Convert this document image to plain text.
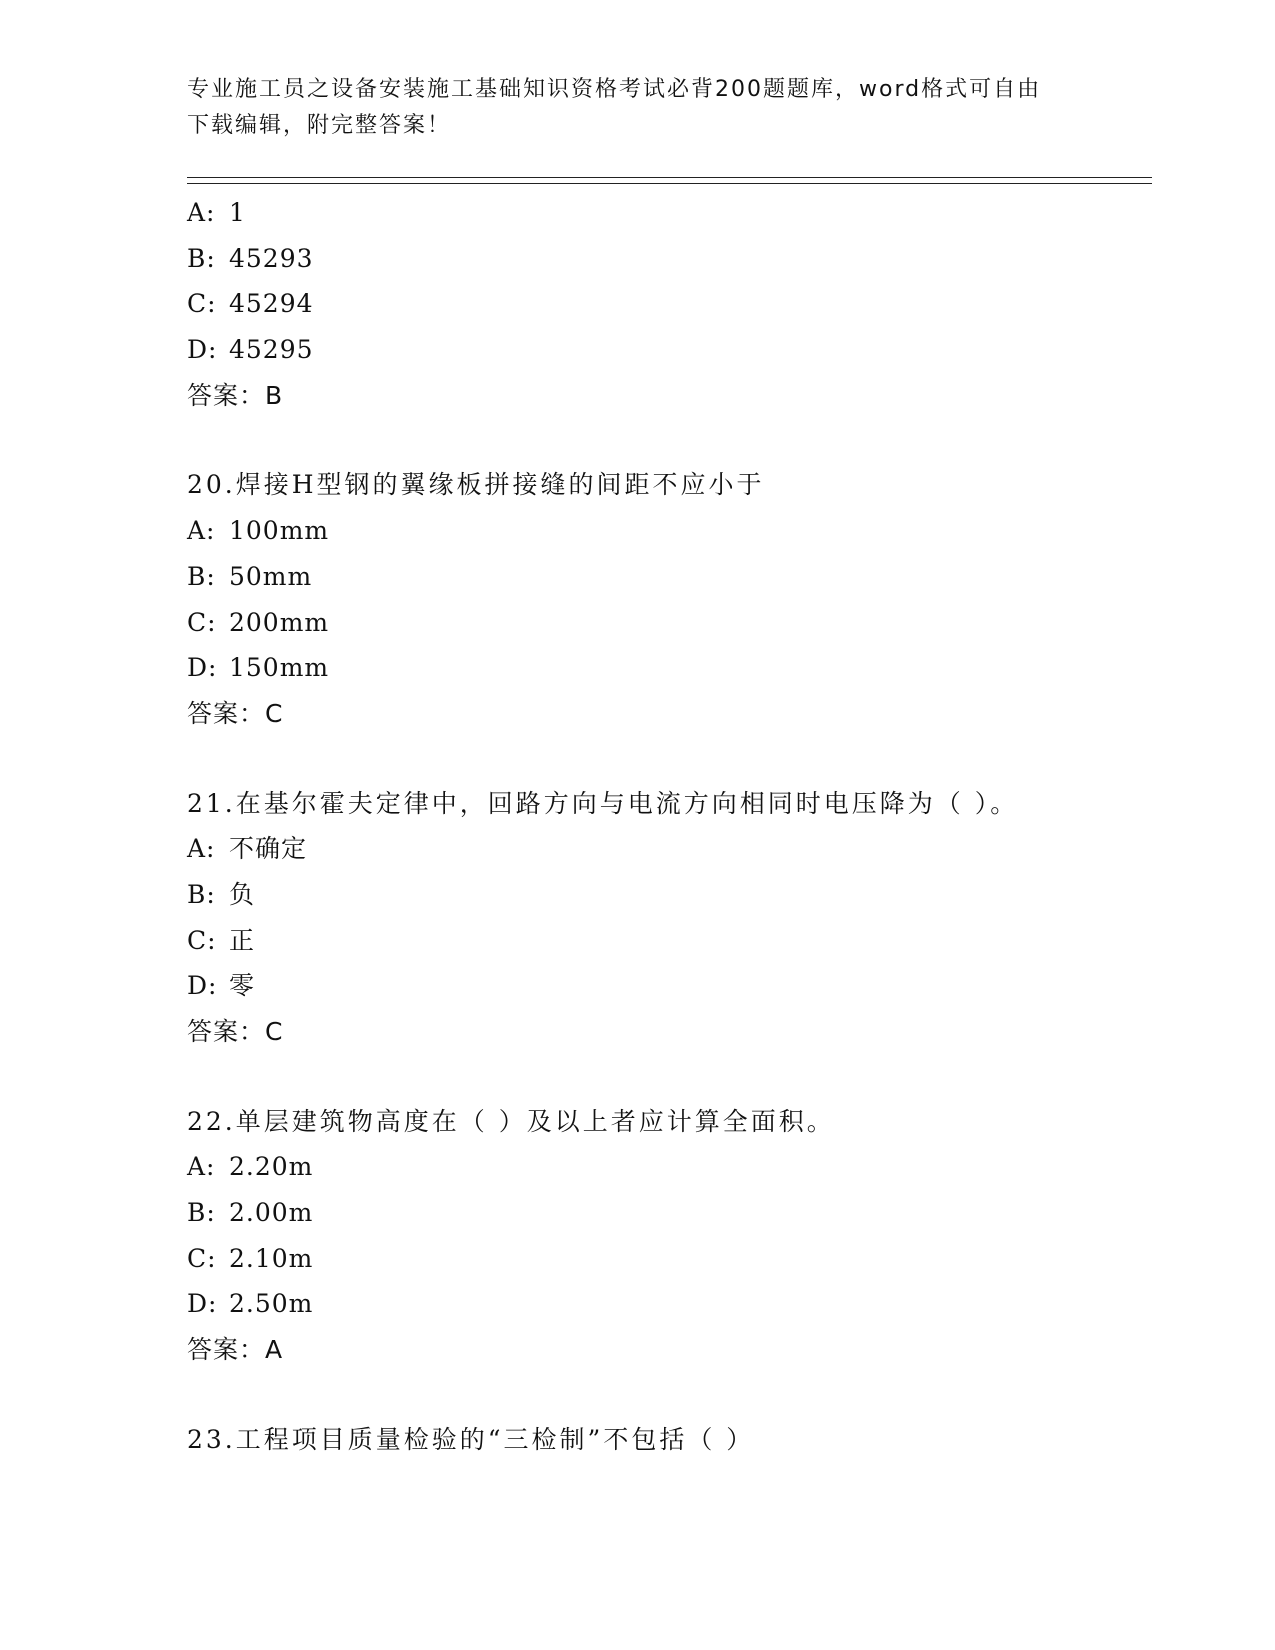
专业施工员之设备安装施工基础知识资格考试必背200题题库，word格式可自由
下载编辑，附完整答案！
A: 1
B: 45293
C: 45294
D: 45295
答案：B
20.焊接H型钢的翼缘板拼接缝的间距不应小于
A: 100mm
B: 50mm
C: 200mm
D: 150mm
答案：C
21.在基尔霍夫定律中，回路方向与电流方向相同时电压降为（ ）。
A: 不确定
B: 负
C: 正
D: 零
答案：C
22.单层建筑物高度在（ ）及以上者应计算全面积。
A: 2.20m
B: 2.00m
C: 2.10m
D: 2.50m
答案：A
23.工程项目质量检验的“三检制”不包括（ ）
